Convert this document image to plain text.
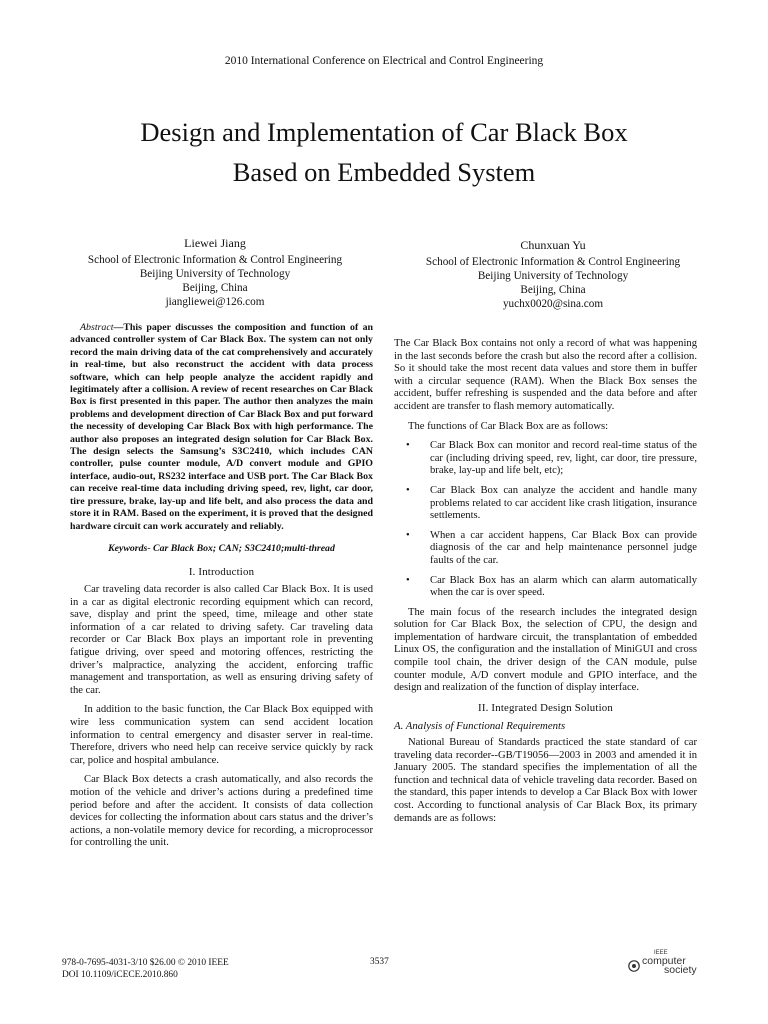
2010 International Conference on Electrical and Control Engineering
Design and Implementation of Car Black Box
Based on Embedded System
Liewei Jiang
School of Electronic Information & Control Engineering
Beijing University of Technology
Beijing, China
jiangliewei@126.com
Chunxuan Yu
School of Electronic Information & Control Engineering
Beijing University of Technology
Beijing, China
yuchx0020@sina.com

Abstract—This paper discusses the composition and function of an advanced controller system of Car Black Box. The system can not only record the main driving data of the cat comprehensively and accurately in real-time, but also reconstruct the accident with data process software, which can help people analyze the accident rapidly and legitimately after a collision. A review of recent researches on Car Black Box is first presented in this paper. The author then analyzes the main problems and development direction of Car Black Box and put forward the necessity of developing Car Black Box with high performance. The author also proposes an integrated design solution for Car Black Box. The design selects the Samsung’s S3C2410, which includes CAN controller, pulse counter module, A/D convert module and GPIO interface, audio-out, RS232 interface and USB port. The Car Black Box can receive real-time data including driving speed, rev, light, car door, tire pressure, brake, lay-up and life belt, and also process the data and store it in RAM. Based on the experiment, it is proved that the designed hardware circuit can work accurately and reliably.

Keywords- Car Black Box; CAN; S3C2410;multi-thread
I. Introduction

Car traveling data recorder is also called Car Black Box. It is used in a car as digital electronic recording equipment which can record, save, display and print the speed, time, mileage and other state information of a car related to driving safety. Car traveling data recorder or Car Black Box plays an important role in preventing fatigue driving, over speed and motoring offences, restricting the driver’s malpractice, analyzing the accident, enforcing traffic management and transportation, as well as ensuring driving safety of the car.

In addition to the basic function, the Car Black Box equipped with wire less communication system can send accident location information to central emergency and disaster server in real-time. Therefore, drivers who need help can receive service quickly by rack car, police and hospital ambulance.

Car Black Box detects a crash automatically, and also records the motion of the vehicle and driver’s actions during a predefined time period before and after the accident. It consists of data collection devices for collecting the information about cars status and the driver’s actions, a non-volatile memory device for recording, a microprocessor for controlling the unit.

The Car Black Box contains not only a record of what was happening in the last seconds before the crash but also the record after a collision. So it should take the most recent data values and store them in buffer with a circular sequence (RAM). When the Black Box senses the accident, buffer refreshing is suspended and the data before and after accident are transfer to flash memory automatically.

The functions of Car Black Box are as follows:

• Car Black Box can monitor and record real-time status of the car (including driving speed, rev, light, car door, tire pressure, brake, lay-up and life belt, etc);
• Car Black Box can analyze the accident and handle many problems related to car accident like crash litigation, insurance settlements.
• When a car accident happens, Car Black Box can provide diagnosis of the car and help maintenance personnel judge faults of the car.
• Car Black Box has an alarm which can alarm automatically when the car is over speed.

The main focus of the research includes the integrated design solution for Car Black Box, the selection of CPU, the design and implementation of hardware circuit, the transplantation of embedded Linux OS, the configuration and the installation of MiniGUI and cross compile tool chain, the driver design of the CAN module, pulse counter module, A/D convert module and GPIO interface, and the design and realization of the function of display interface.

II. Integrated Design Solution
A. Analysis of Functional Requirements

National Bureau of Standards practiced the state standard of car traveling data recorder--GB/T19056—2003 in 2003 and amended it in January 2005. The standard specifies the implementation of all the function and technical data of vehicle traveling data recorder. Based on the standard, this paper intends to develop a Car Black Box with lower cost. According to functional analysis of Car Black Box, its primary demands are as follows:

978-0-7695-4031-3/10 $26.00 © 2010 IEEE
DOI 10.1109/iCECE.2010.860
3537
IEEE
computer
society
